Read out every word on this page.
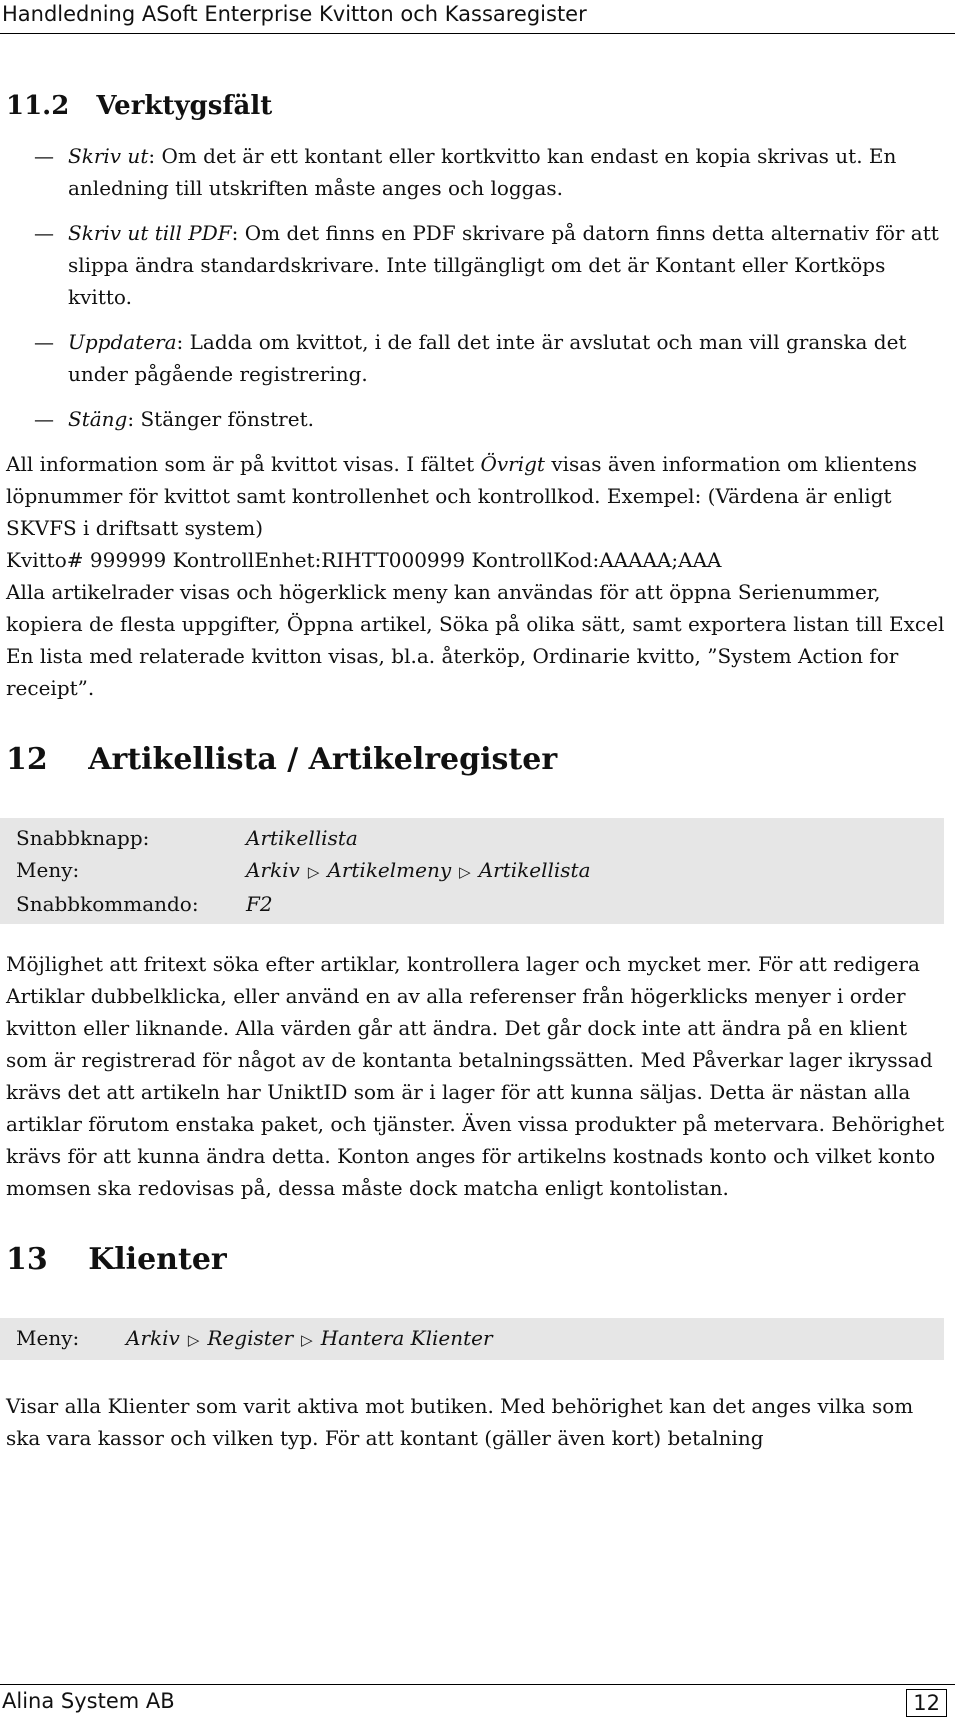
Handledning ASoft Enterprise Kvitton och Kassaregister
11.2 Verktygsfält
— Skriv ut: Om det är ett kontant eller kortkvitto kan endast en kopia skrivas ut. En anledning till utskriften måste anges och loggas.
— Skriv ut till PDF: Om det finns en PDF skrivare på datorn finns detta alternativ för att slippa ändra standardskrivare. Inte tillgängligt om det är Kontant eller Kortköps kvitto.
— Uppdatera: Ladda om kvittot, i de fall det inte är avslutat och man vill granska det under pågående registrering.
— Stäng: Stänger fönstret.
All information som är på kvittot visas. I fältet Övrigt visas även information om klientens löpnummer för kvittot samt kontrollenhet och kontrollkod. Exempel: (Värdena är enligt SKVFS i driftsatt system)
Kvitto# 999999 KontrollEnhet:RIHTT000999 KontrollKod:AAAAA;AAA
Alla artikelrader visas och högerklick meny kan användas för att öppna Serienummer, kopiera de flesta uppgifter, Öppna artikel, Söka på olika sätt, samt exportera listan till Excel
En lista med relaterade kvitton visas, bl.a. återköp, Ordinarie kvitto, ”System Action for receipt”.
12 Artikellista / Artikelregister
Snabbknapp:	Artikellista
Meny:	Arkiv ▷ Artikelmeny ▷ Artikellista
Snabbkommando:	F2
Möjlighet att fritext söka efter artiklar, kontrollera lager och mycket mer. För att redigera Artiklar dubbelklicka, eller använd en av alla referenser från högerklicks menyer i order kvitton eller liknande. Alla värden går att ändra. Det går dock inte att ändra på en klient som är registrerad för något av de kontanta betalningssätten. Med Påverkar lager ikryssad krävs det att artikeln har UniktID som är i lager för att kunna säljas. Detta är nästan alla artiklar förutom enstaka paket, och tjänster. Även vissa produkter på metervara. Behörighet krävs för att kunna ändra detta. Konton anges för artikelns kostnads konto och vilket konto momsen ska redovisas på, dessa måste dock matcha enligt kontolistan.
13 Klienter
Meny:	Arkiv ▷ Register ▷ Hantera Klienter
Visar alla Klienter som varit aktiva mot butiken. Med behörighet kan det anges vilka som ska vara kassor och vilken typ. För att kontant (gäller även kort) betalning
Alina System AB	12
